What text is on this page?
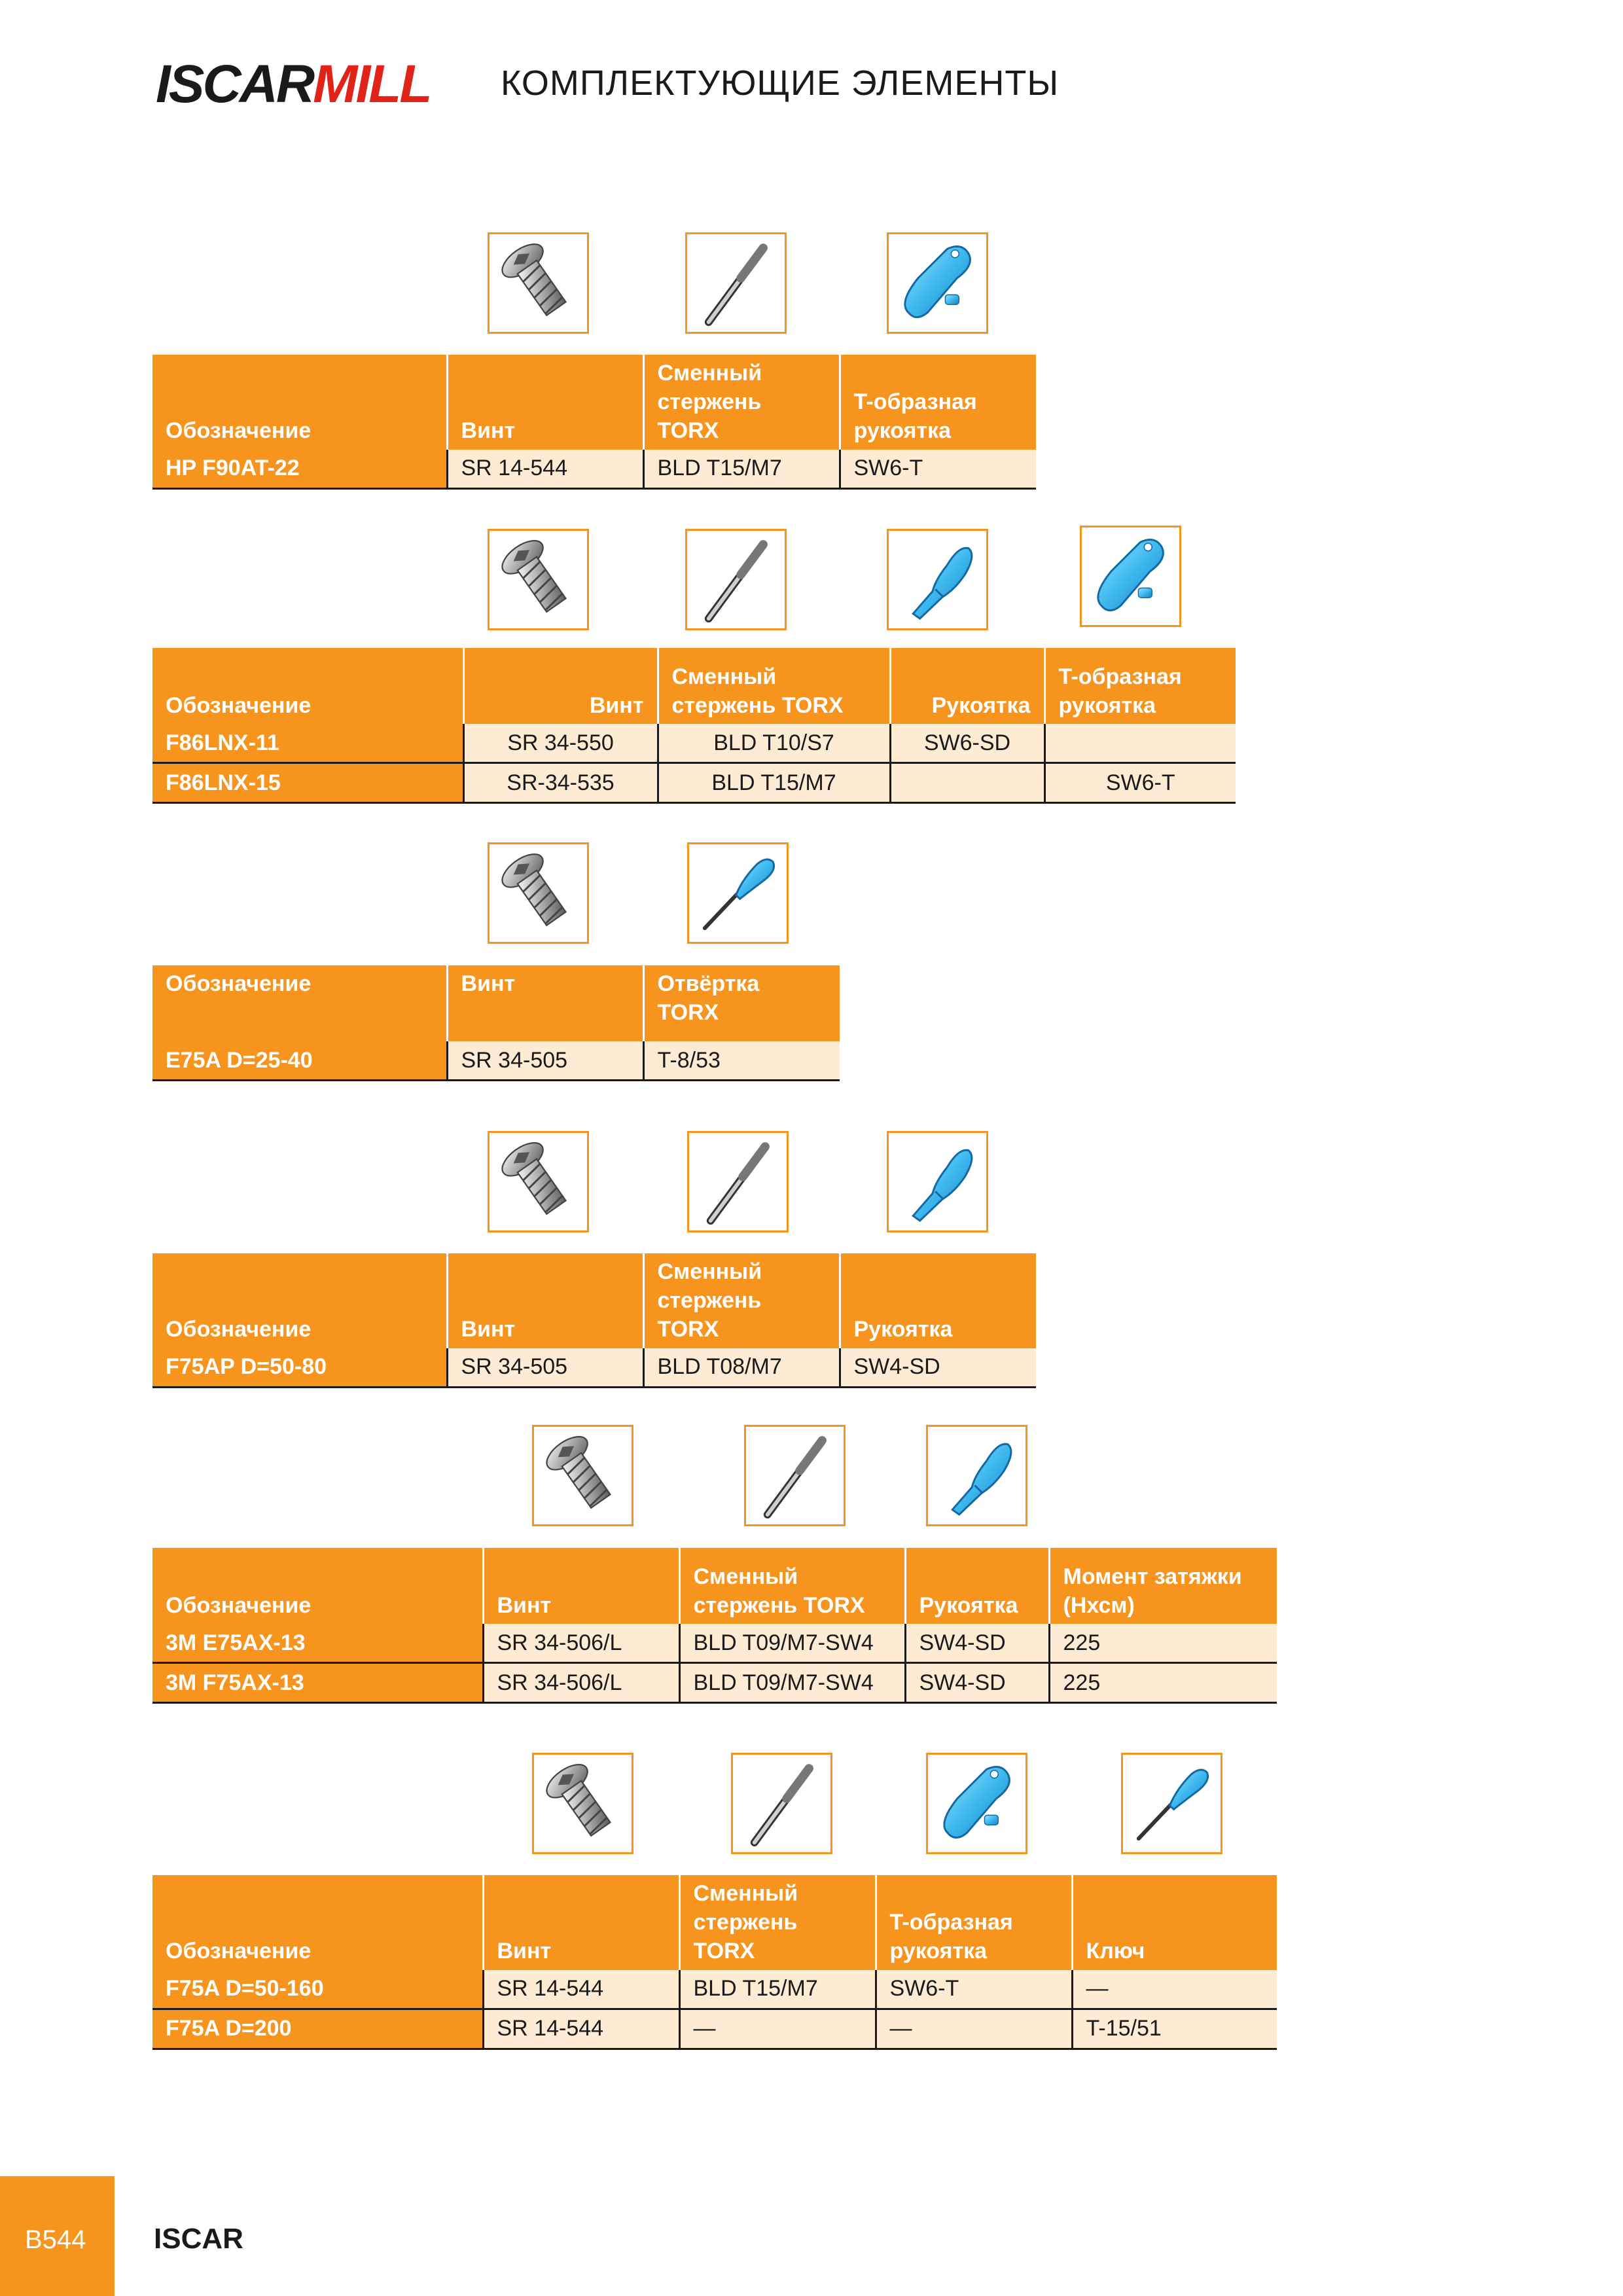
ISCARMILL КОМПЛЕКТУЮЩИЕ ЭЛЕМЕНТЫ
Обозначение	Винт	Сменный стержень TORX	T-образная рукоятка
HP F90AT-22	SR 14-544	BLD T15/M7	SW6-T
Обозначение	Винт	Сменный стержень TORX	Рукоятка	T-образная рукоятка
F86LNX-11	SR 34-550	BLD T10/S7	SW6-SD	
F86LNX-15	SR-34-535	BLD T15/M7		SW6-T
Обозначение	Винт	Отвёртка TORX
E75A D=25-40	SR 34-505	T-8/53
Обозначение	Винт	Сменный стержень TORX	Рукоятка
F75AP D=50-80	SR 34-505	BLD T08/M7	SW4-SD
Обозначение	Винт	Сменный стержень TORX	Рукоятка	Момент затяжки (Нхсм)
3M E75AX-13	SR 34-506/L	BLD T09/M7-SW4	SW4-SD	225
3M F75AX-13	SR 34-506/L	BLD T09/M7-SW4	SW4-SD	225
Обозначение	Винт	Сменный стержень TORX	T-образная рукоятка	Ключ
F75A D=50-160	SR 14-544	BLD T15/M7	SW6-T	—
F75A D=200	SR 14-544	—	—	T-15/51
B544 ISCAR
